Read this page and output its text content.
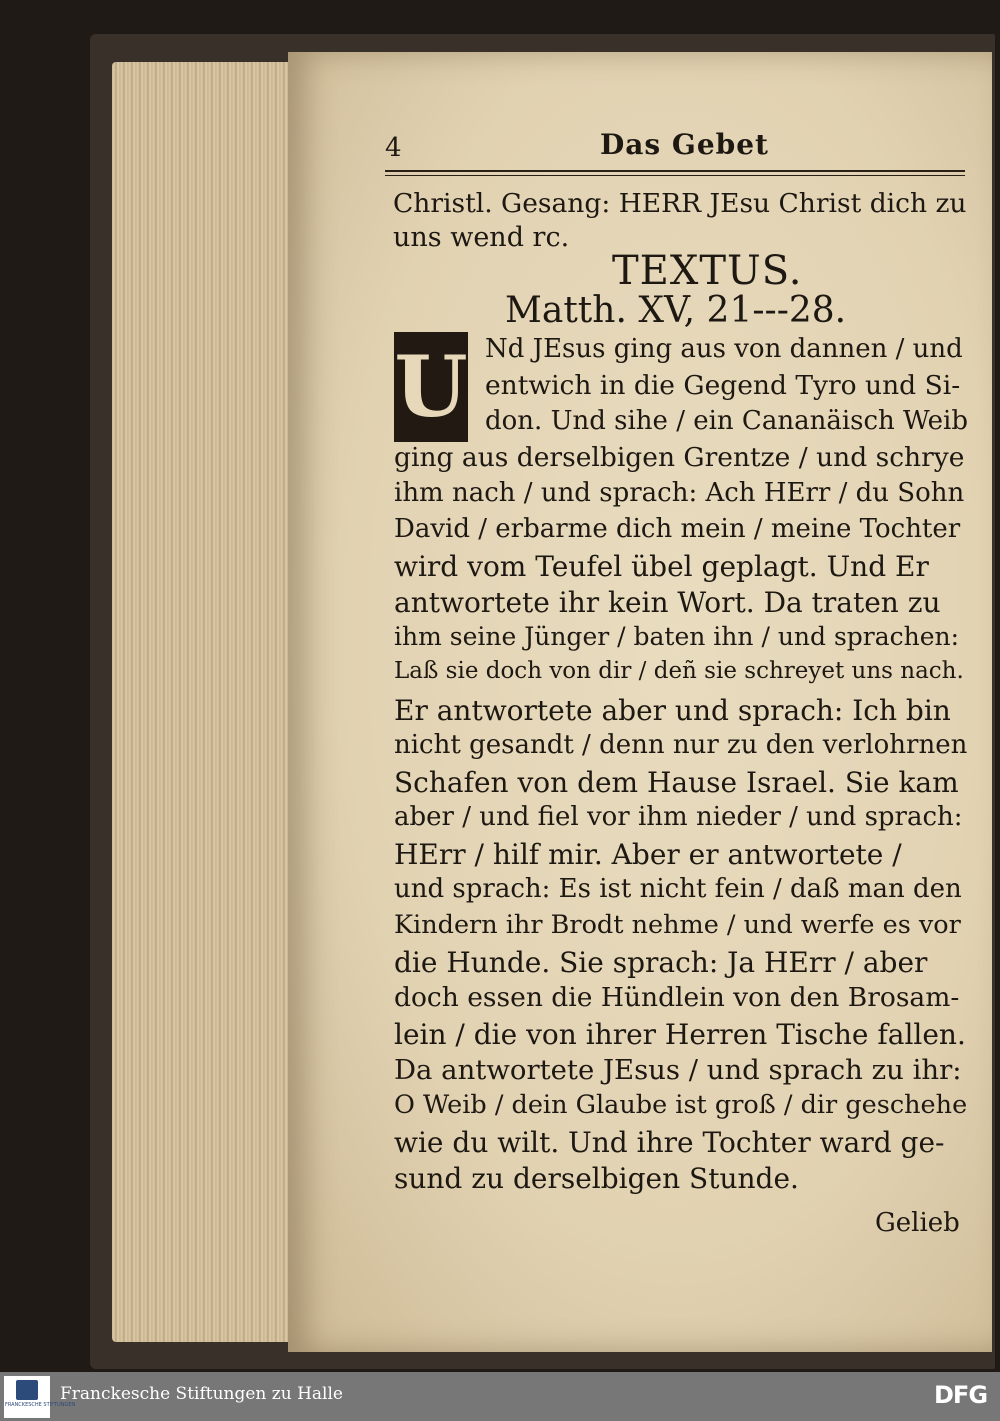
4	Das Gebet
Christl. Gesang: HERR JEsu Christ dich zu
uns wend rc.
TEXTUS.
Matth. XV, 21---28.
U Nd JEsus ging aus von dannen / und
entwich in die Gegend Tyro und Si-
don. Und sihe / ein Cananäisch Weib
ging aus derselbigen Grentze / und schrye
ihm nach / und sprach: Ach HErr / du Sohn
David / erbarme dich mein / meine Tochter
wird vom Teufel übel geplagt. Und Er
antwortete ihr kein Wort. Da traten zu
ihm seine Jünger / baten ihn / und sprachen:
Laß sie doch von dir / deñ sie schreyet uns nach.
Er antwortete aber und sprach: Ich bin
nicht gesandt / denn nur zu den verlohrnen
Schafen von dem Hause Israel. Sie kam
aber / und fiel vor ihm nieder / und sprach:
HErr / hilf mir. Aber er antwortete /
und sprach: Es ist nicht fein / daß man den
Kindern ihr Brodt nehme / und werfe es vor
die Hunde. Sie sprach: Ja HErr / aber
doch essen die Hündlein von den Brosam-
lein / die von ihrer Herren Tische fallen.
Da antwortete JEsus / und sprach zu ihr:
O Weib / dein Glaube ist groß / dir geschehe
wie du wilt. Und ihre Tochter ward ge-
sund zu derselbigen Stunde.
Gelieb
FRANCKESCHE STIFTUNGEN
Franckesche Stiftungen zu Halle	DFG
